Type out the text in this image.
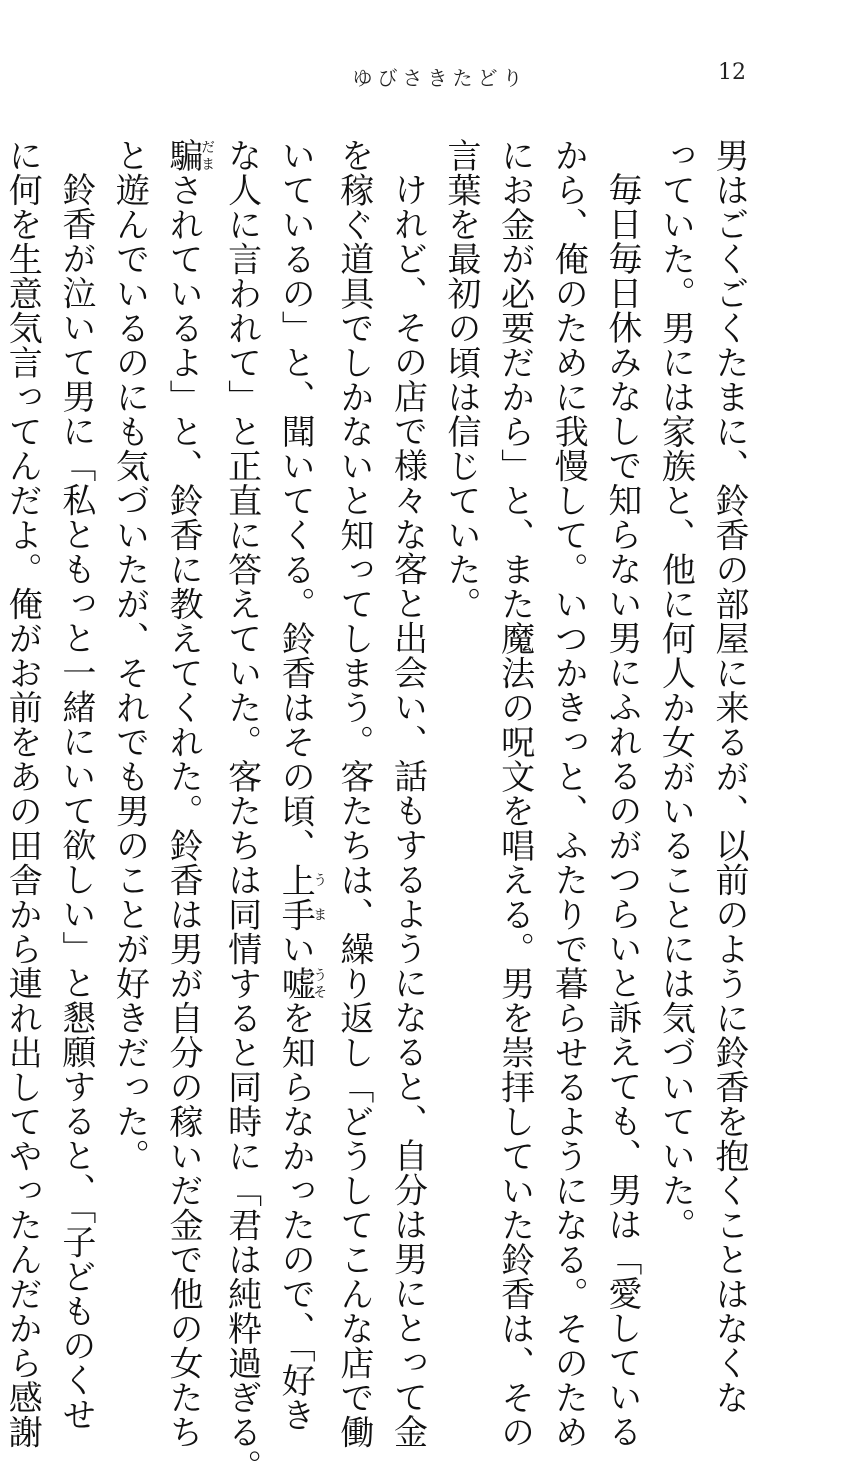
ゆびさきたどり	12
男はごくごくたまに、鈴香の部屋に来るが、以前のように鈴香を抱くことはなくな
っていた。男には家族と、他に何人か女がいることには気づいていた。
毎日毎日休みなしで知らない男にふれるのがつらいと訴えても、男は「愛している
から、俺のために我慢して。いつかきっと、ふたりで暮らせるようになる。そのため
にお金が必要だから」と、また魔法の呪文を唱える。男を崇拝していた鈴香は、その
言葉を最初の頃は信じていた。
けれど、その店で様々な客と出会い、話もするようになると、自分は男にとって金
を稼ぐ道具でしかないと知ってしまう。客たちは、繰り返し「どうしてこんな店で働
いているの」と、聞いてくる。鈴香はその頃、上手うまい嘘うそを知らなかったので、「好き
な人に言われて」と正直に答えていた。客たちは同情すると同時に「君は純粋過ぎる。
騙だまされているよ」と、鈴香に教えてくれた。鈴香は男が自分の稼いだ金で他の女たち
と遊んでいるのにも気づいたが、それでも男のことが好きだった。
鈴香が泣いて男に「私ともっと一緒にいて欲しい」と懇願すると、「子どものくせ
に何を生意気言ってんだよ。俺がお前をあの田舎から連れ出してやったんだから感謝
